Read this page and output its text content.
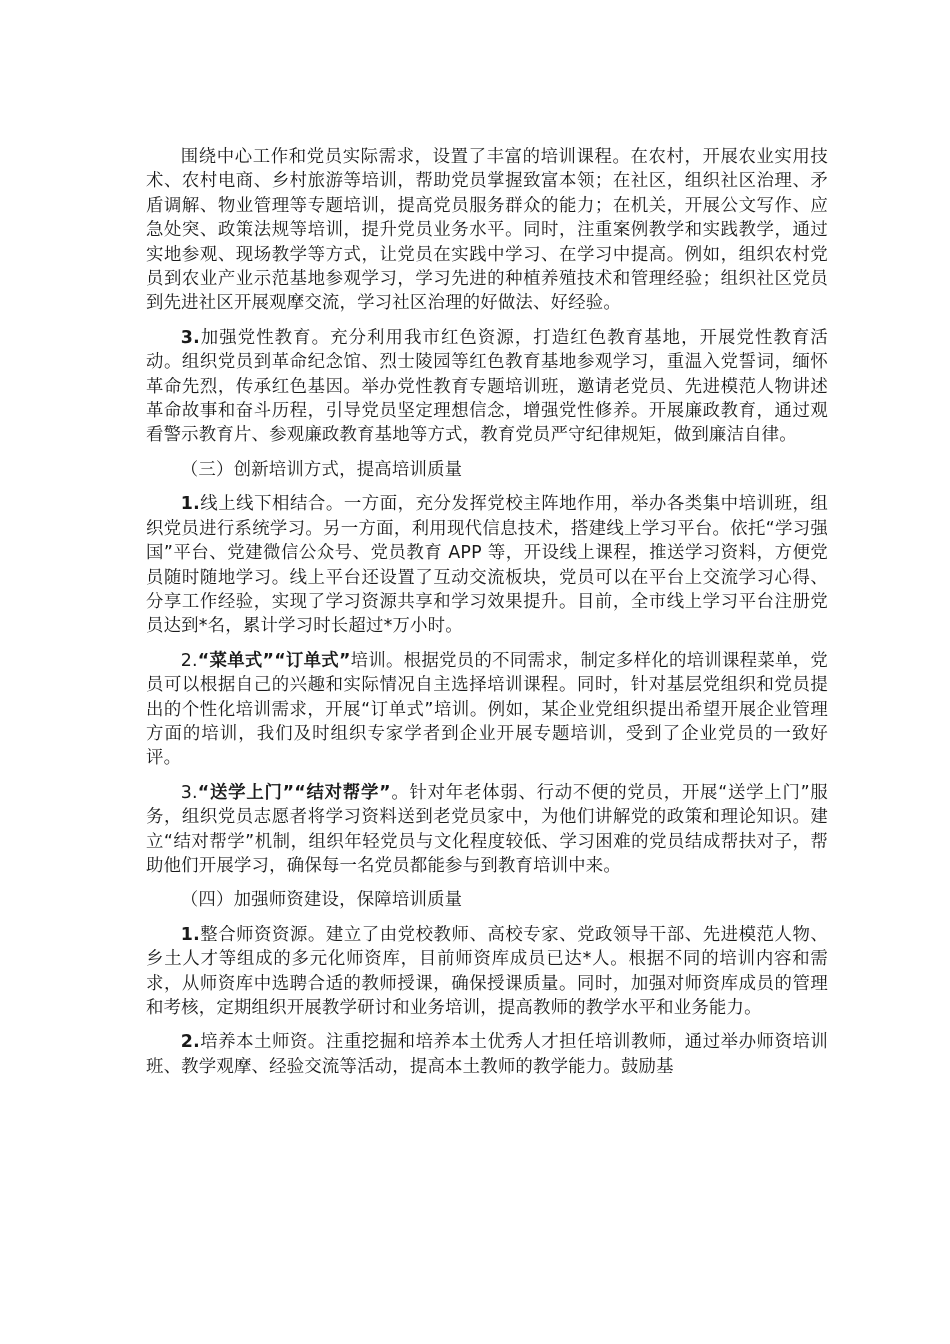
围绕中心工作和党员实际需求，设置了丰富的培训课程。在农村，开展农业实用技术、农村电商、乡村旅游等培训，帮助党员掌握致富本领；在社区，组织社区治理、矛盾调解、物业管理等专题培训，提高党员服务群众的能力；在机关，开展公文写作、应急处突、政策法规等培训，提升党员业务水平。同时，注重案例教学和实践教学，通过实地参观、现场教学等方式，让党员在实践中学习、在学习中提高。例如，组织农村党员到农业产业示范基地参观学习，学习先进的种植养殖技术和管理经验；组织社区党员到先进社区开展观摩交流，学习社区治理的好做法、好经验。

3.加强党性教育。充分利用我市红色资源，打造红色教育基地，开展党性教育活动。组织党员到革命纪念馆、烈士陵园等红色教育基地参观学习，重温入党誓词，缅怀革命先烈，传承红色基因。举办党性教育专题培训班，邀请老党员、先进模范人物讲述革命故事和奋斗历程，引导党员坚定理想信念，增强党性修养。开展廉政教育，通过观看警示教育片、参观廉政教育基地等方式，教育党员严守纪律规矩，做到廉洁自律。

（三）创新培训方式，提高培训质量

1.线上线下相结合。一方面，充分发挥党校主阵地作用，举办各类集中培训班，组织党员进行系统学习。另一方面，利用现代信息技术，搭建线上学习平台。依托“学习强国”平台、党建微信公众号、党员教育 APP 等，开设线上课程，推送学习资料，方便党员随时随地学习。线上平台还设置了互动交流板块，党员可以在平台上交流学习心得、分享工作经验，实现了学习资源共享和学习效果提升。目前，全市线上学习平台注册党员达到*名，累计学习时长超过*万小时。

2.“菜单式”“订单式”培训。根据党员的不同需求，制定多样化的培训课程菜单，党员可以根据自己的兴趣和实际情况自主选择培训课程。同时，针对基层党组织和党员提出的个性化培训需求，开展“订单式”培训。例如，某企业党组织提出希望开展企业管理方面的培训，我们及时组织专家学者到企业开展专题培训，受到了企业党员的一致好评。

3.“送学上门”“结对帮学”。针对年老体弱、行动不便的党员，开展“送学上门”服务，组织党员志愿者将学习资料送到老党员家中，为他们讲解党的政策和理论知识。建立“结对帮学”机制，组织年轻党员与文化程度较低、学习困难的党员结成帮扶对子，帮助他们开展学习，确保每一名党员都能参与到教育培训中来。

（四）加强师资建设，保障培训质量

1.整合师资资源。建立了由党校教师、高校专家、党政领导干部、先进模范人物、乡土人才等组成的多元化师资库，目前师资库成员已达*人。根据不同的培训内容和需求，从师资库中选聘合适的教师授课，确保授课质量。同时，加强对师资库成员的管理和考核，定期组织开展教学研讨和业务培训，提高教师的教学水平和业务能力。

2.培养本土师资。注重挖掘和培养本土优秀人才担任培训教师，通过举办师资培训班、教学观摩、经验交流等活动，提高本土教师的教学能力。鼓励基
